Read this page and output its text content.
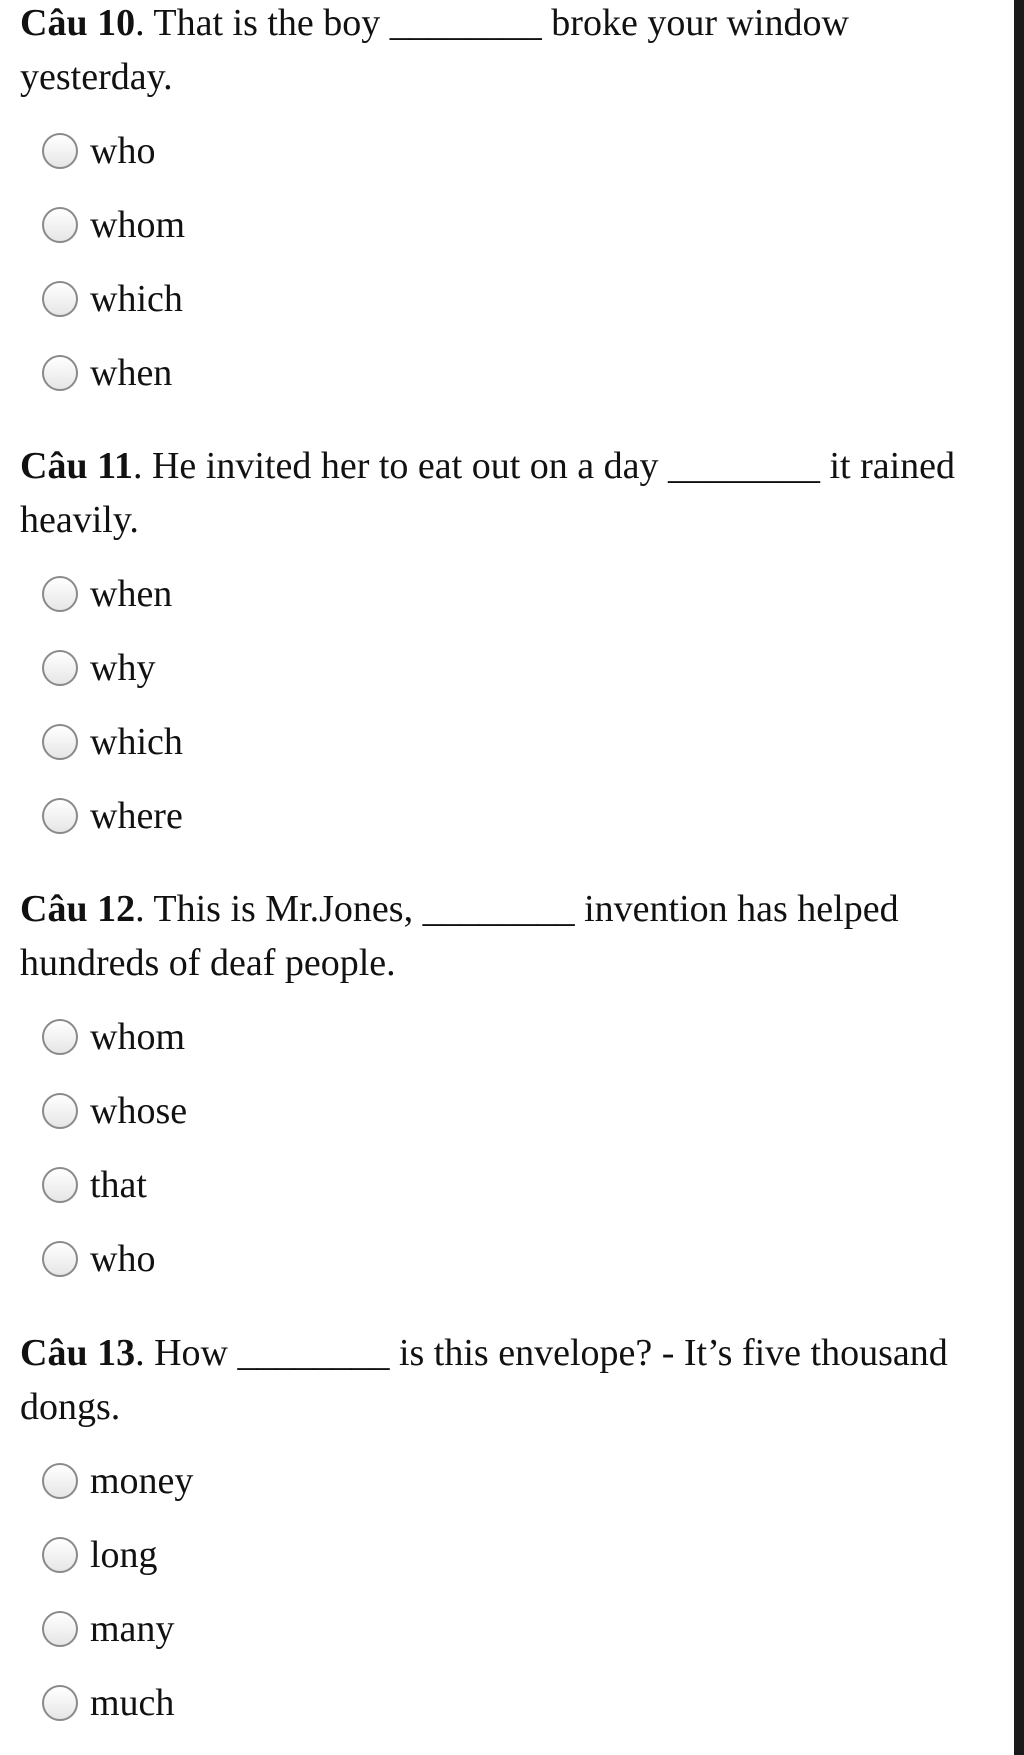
Câu 10. That is the boy ________ broke your window yesterday.

who
whom
which
when

Câu 11. He invited her to eat out on a day ________ it rained heavily.

when
why
which
where

Câu 12. This is Mr.Jones, ________ invention has helped hundreds of deaf people.

whom
whose
that
who

Câu 13. How ________ is this envelope? - It’s five thousand dongs.

money
long
many
much
